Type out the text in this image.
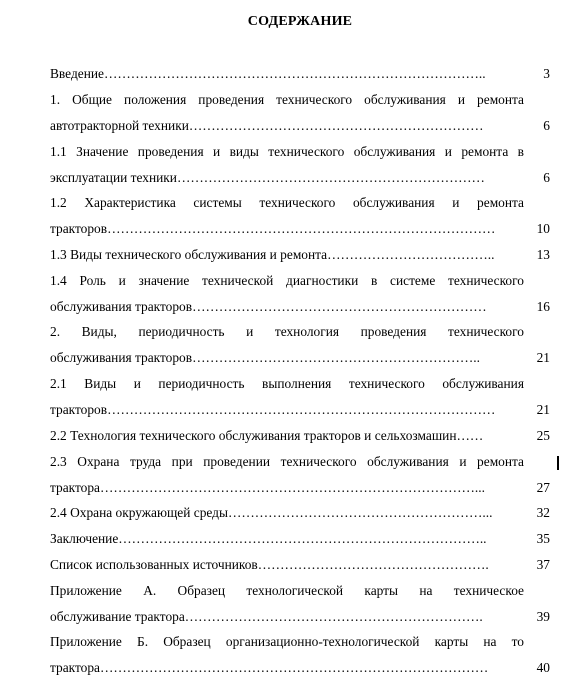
СОДЕРЖАНИЕ
Введение…………………………………………………………………………..	3
1. Общие положения проведения технического обслуживания и ремонта
автотракторной техники…………………………………………………………	6
1.1 Значение проведения и виды технического обслуживания и ремонта в
эксплуатации техники……………………………………………………………	6
1.2 Характеристика системы технического обслуживания и ремонта
тракторов……………………………………………………………………………	10
1.3 Виды технического обслуживания и ремонта………………………………..	13
1.4 Роль и значение технической диагностики в системе технического
обслуживания тракторов…………………………………………………………	16
2. Виды, периодичность и технология проведения технического
обслуживания тракторов………………………………………………………..	21
2.1 Виды и периодичность выполнения технического обслуживания
тракторов……………………………………………………………………………	21
2.2 Технология технического обслуживания тракторов и сельхозмашин……	25
2.3 Охрана труда при проведении технического обслуживания и ремонта
трактора…………………………………………………………………………...	27
2.4 Охрана окружающей среды…………………………………………………...	32
Заключение………………………………………………………………………..	35
Список использованных источников…………………………………………….	37
Приложение А. Образец технологической карты на техническое
обслуживание трактора………………………………………………………….	39
Приложение Б. Образец организационно-технологической карты на то
трактора……………………………………………………………………………	40
